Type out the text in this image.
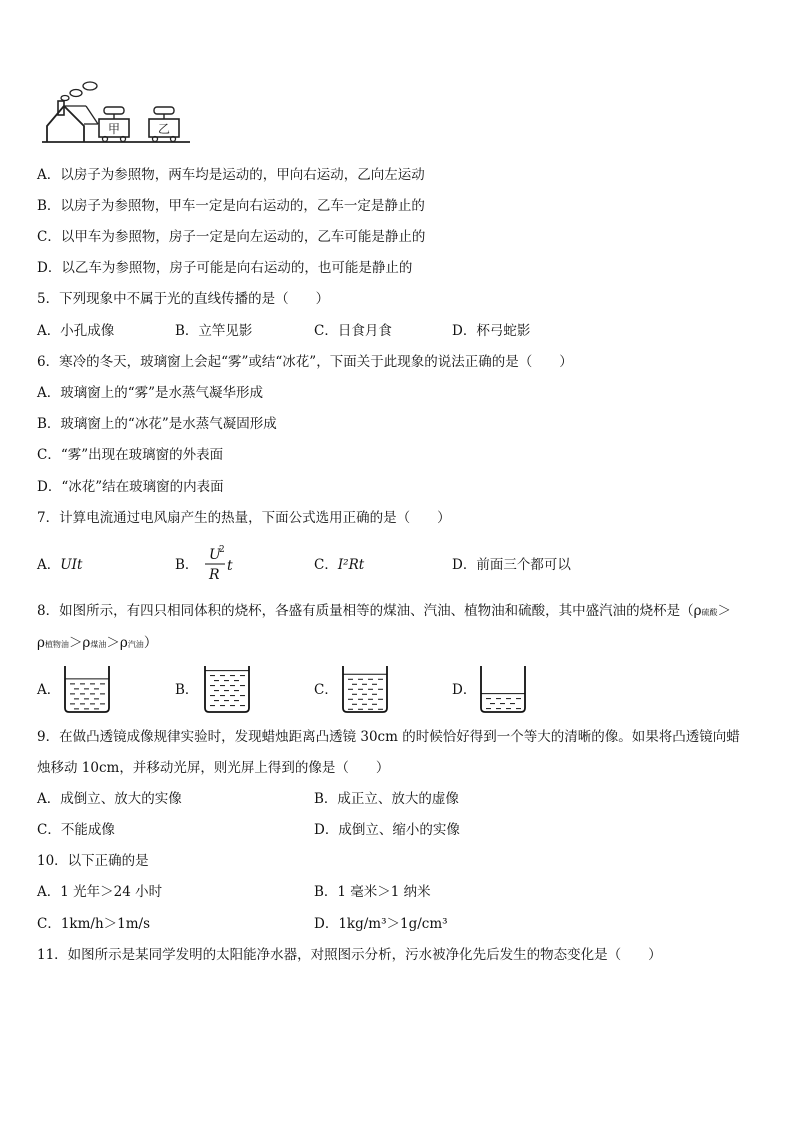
甲	乙
A．以房子为参照物，两车均是运动的，甲向右运动，乙向左运动
B．以房子为参照物，甲车一定是向右运动的，乙车一定是静止的
C．以甲车为参照物，房子一定是向左运动的，乙车可能是静止的
D．以乙车为参照物，房子可能是向右运动的，也可能是静止的
5．下列现象中不属于光的直线传播的是（　　）
A．小孔成像	B．立竿见影	C．日食月食	D．杯弓蛇影
6．寒冷的冬天，玻璃窗上会起“雾”或结“冰花”，下面关于此现象的说法正确的是（　　）
A．玻璃窗上的“雾”是水蒸气凝华形成
B．玻璃窗上的“冰花”是水蒸气凝固形成
C．“雾”出现在玻璃窗的外表面
D．“冰花”结在玻璃窗的内表面
7．计算电流通过电风扇产生的热量，下面公式选用正确的是（　　）
A．UIt	B．
U
2
R
t	C．I²Rt	D．前面三个都可以
8．如图所示，有四只相同体积的烧杯，各盛有质量相等的煤油、汽油、植物油和硫酸，其中盛汽油的烧杯是（ρ硫酸＞
ρ植物油＞ρ煤油＞ρ汽油）
A．	B．	C．	D．
9．在做凸透镜成像规律实验时，发现蜡烛距离凸透镜 30cm 的时候恰好得到一个等大的清晰的像。如果将凸透镜向蜡
烛移动 10cm，并移动光屏，则光屏上得到的像是（　　）
A．成倒立、放大的实像	B．成正立、放大的虚像
C．不能成像	D．成倒立、缩小的实像
10．以下正确的是
A．1 光年＞24 小时	B．1 毫米＞1 纳米
C．1km/h＞1m/s	D．1kg/m³＞1g/cm³
11．如图所示是某同学发明的太阳能净水器，对照图示分析，污水被净化先后发生的物态变化是（　　）
